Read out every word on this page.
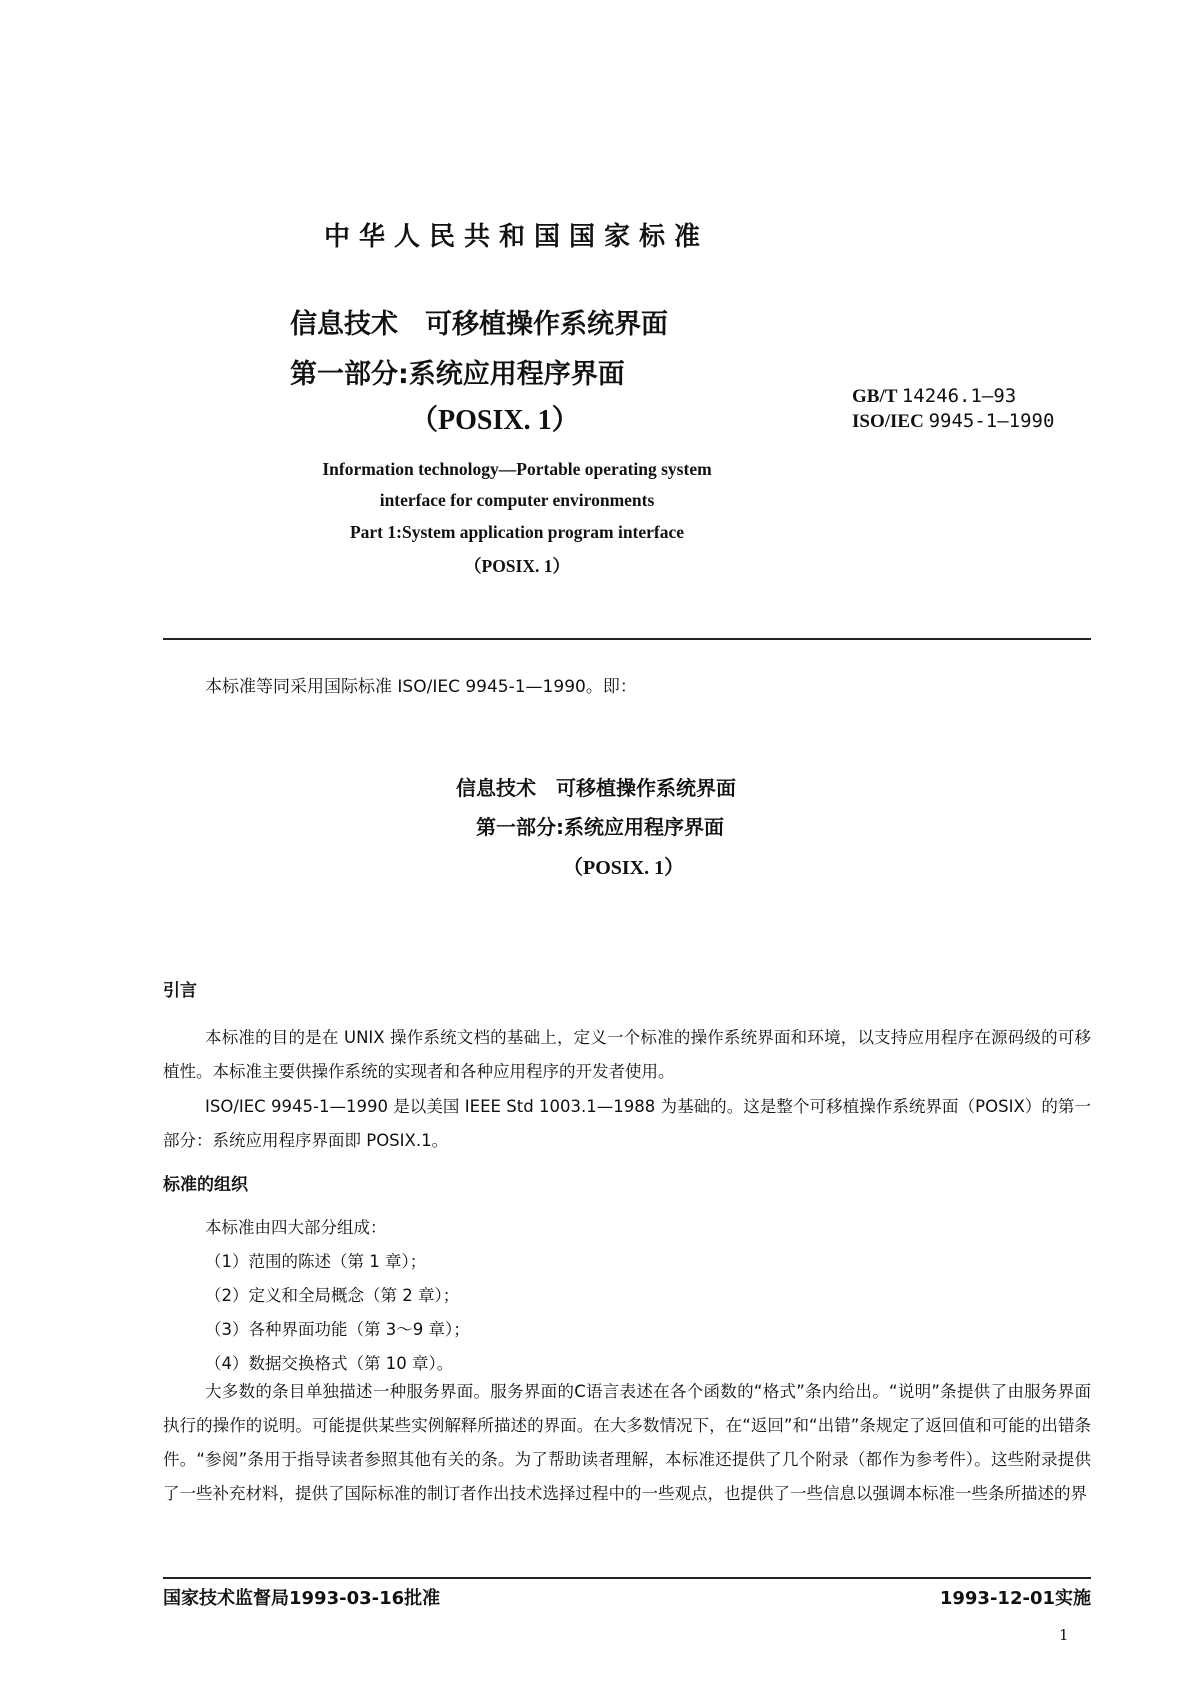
中华人民共和国国家标准
信息技术　可移植操作系统界面
第一部分:系统应用程序界面
（POSIX. 1）
GB/T 14246.1—93
ISO/IEC 9945-1—1990
Information technology—Portable operating system
interface for computer environments
Part 1:System application program interface
（POSIX. 1）
本标准等同采用国际标准 ISO/IEC 9945-1—1990。即：
信息技术　可移植操作系统界面
第一部分:系统应用程序界面
（POSIX. 1）
引言
本标准的目的是在 UNIX 操作系统文档的基础上，定义一个标准的操作系统界面和环境，以支持应用程序在源码级的可移植性。本标准主要供操作系统的实现者和各种应用程序的开发者使用。
ISO/IEC 9945-1—1990 是以美国 IEEE Std 1003.1—1988 为基础的。这是整个可移植操作系统界面（POSIX）的第一部分：系统应用程序界面即 POSIX.1。
标准的组织
本标准由四大部分组成：
（1）范围的陈述（第 1 章）；
（2）定义和全局概念（第 2 章）；
（3）各种界面功能（第 3～9 章）；
（4）数据交换格式（第 10 章）。
大多数的条目单独描述一种服务界面。服务界面的C语言表述在各个函数的“格式”条内给出。“说明”条提供了由服务界面执行的操作的说明。可能提供某些实例解释所描述的界面。在大多数情况下，在“返回”和“出错”条规定了返回值和可能的出错条件。“参阅”条用于指导读者参照其他有关的条。为了帮助读者理解，本标准还提供了几个附录（都作为参考件）。这些附录提供了一些补充材料，提供了国际标准的制订者作出技术选择过程中的一些观点，也提供了一些信息以强调本标准一些条所描述的界
国家技术监督局1993-03-16批准	1993-12-01实施
1
